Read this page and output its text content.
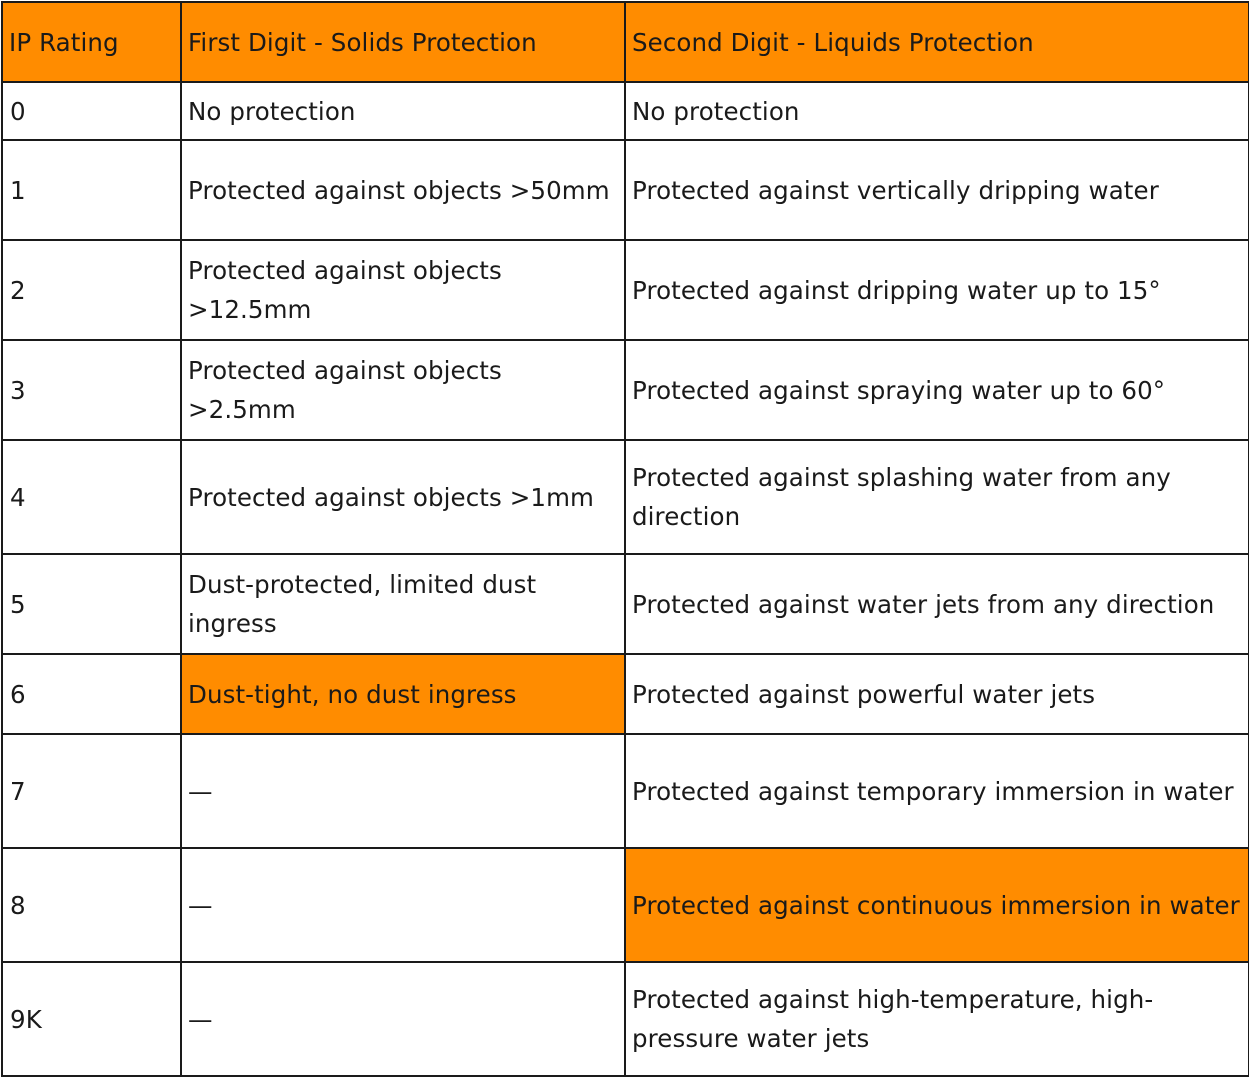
IP Rating	First Digit - Solids Protection	Second Digit - Liquids Protection
0	No protection	No protection
1	Protected against objects >50mm	Protected against vertically dripping water
2	Protected against objects >12.5mm	Protected against dripping water up to 15°
3	Protected against objects >2.5mm	Protected against spraying water up to 60°
4	Protected against objects >1mm	Protected against splashing water from any direction
5	Dust-protected, limited dust ingress	Protected against water jets from any direction
6	Dust-tight, no dust ingress	Protected against powerful water jets
7	—	Protected against temporary immersion in water
8	—	Protected against continuous immersion in water
9K	—	Protected against high-temperature, high-pressure water jets
